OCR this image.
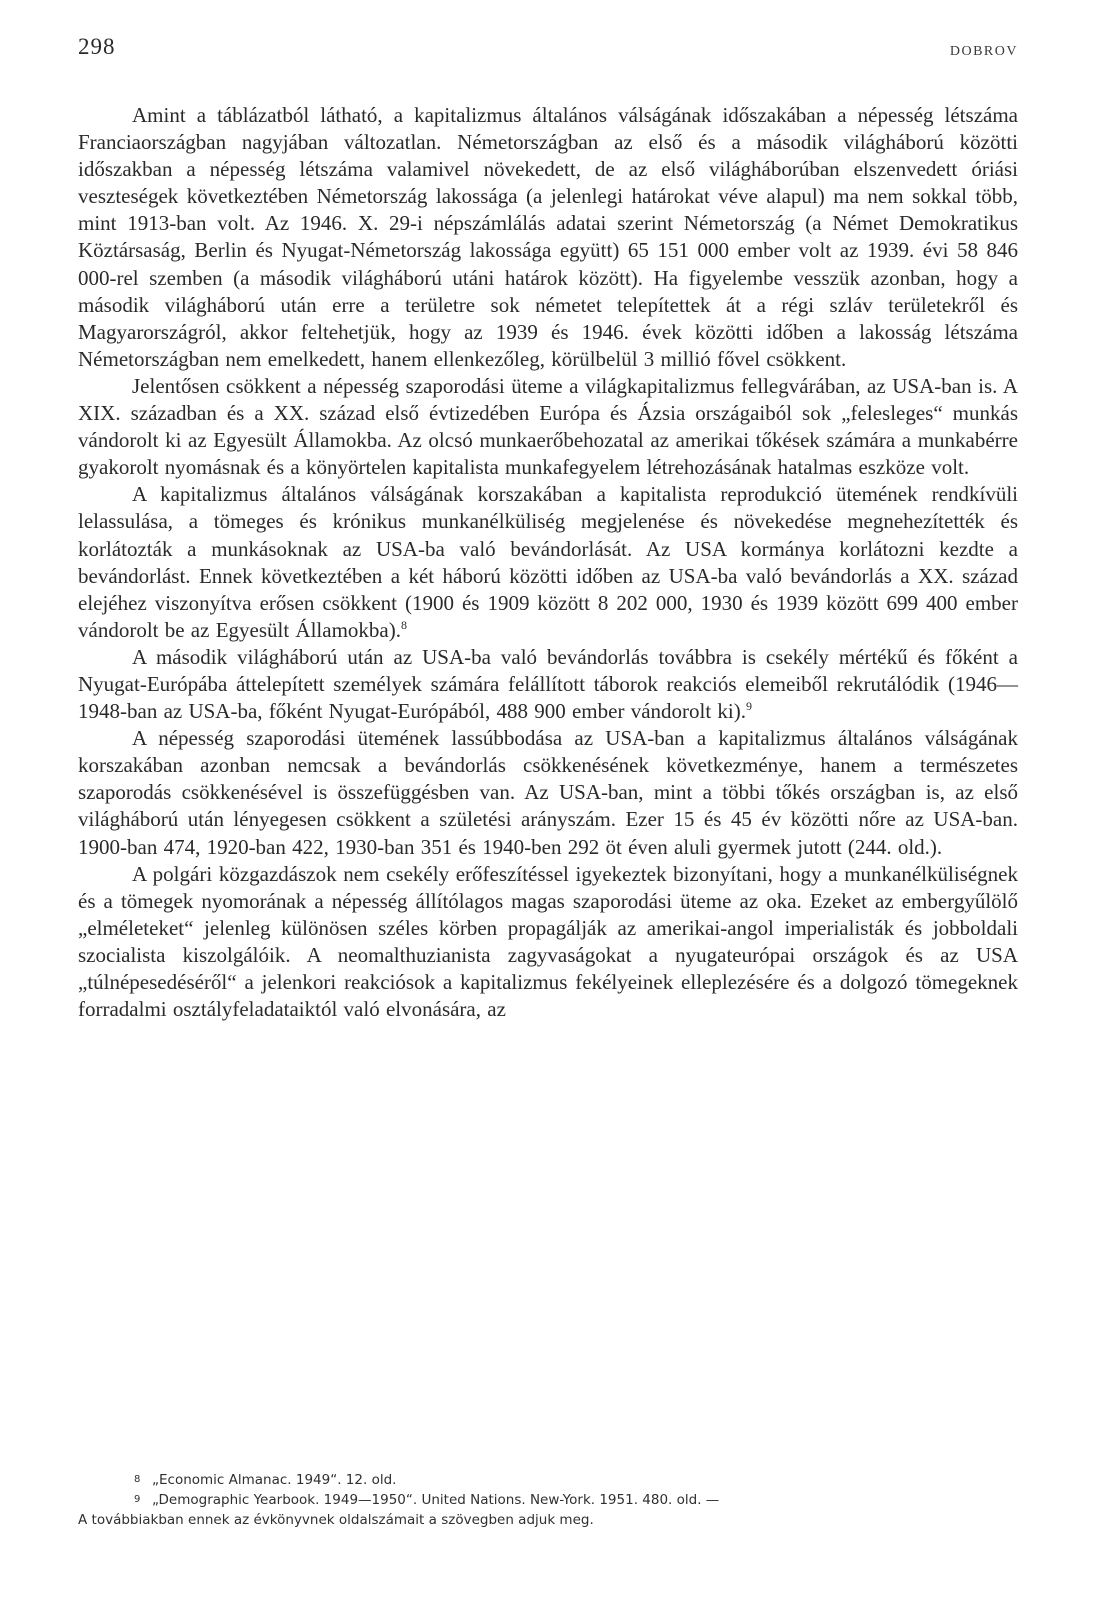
298	DOBROV

Amint a táblázatból látható, a kapitalizmus általános válságának időszakában a népesség létszáma Franciaországban nagyjában változatlan. Németországban az első és a második világháború közötti időszakban a népesség létszáma valamivel növekedett, de az első világháborúban elszenvedett óriási veszteségek következtében Németország lakossága (a jelenlegi határokat véve alapul) ma nem sokkal több, mint 1913-ban volt. Az 1946. X. 29-i népszámlálás adatai szerint Németország (a Német Demokratikus Köztársaság, Berlin és Nyugat-Németország lakossága együtt) 65 151 000 ember volt az 1939. évi 58 846 000-rel szemben (a második világháború utáni határok között). Ha figyelembe vesszük azonban, hogy a második világháború után erre a területre sok németet telepítettek át a régi szláv területekről és Magyarországról, akkor feltehetjük, hogy az 1939 és 1946. évek közötti időben a lakosság létszáma Németországban nem emelkedett, hanem ellenkezőleg, körülbelül 3 millió fővel csökkent.

Jelentősen csökkent a népesség szaporodási üteme a világkapitalizmus fellegvárában, az USA-ban is. A XIX. században és a XX. század első évtizedében Európa és Ázsia országaiból sok „felesleges“ munkás vándorolt ki az Egyesült Államokba. Az olcsó munkaerőbehozatal az amerikai tőkések számára a munkabérre gyakorolt nyomásnak és a könyörtelen kapitalista munkafegyelem létrehozásának hatalmas eszköze volt.

A kapitalizmus általános válságának korszakában a kapitalista reprodukció ütemének rendkívüli lelassulása, a tömeges és krónikus munkanélküliség megjelenése és növekedése megnehezítették és korlátozták a munkásoknak az USA-ba való bevándorlását. Az USA kormánya korlátozni kezdte a bevándorlást. Ennek következtében a két háború közötti időben az USA-ba való bevándorlás a XX. század elejéhez viszonyítva erősen csökkent (1900 és 1909 között 8 202 000, 1930 és 1939 között 699 400 ember vándorolt be az Egyesült Államokba).$^8$

A második világháború után az USA-ba való bevándorlás továbbra is csekély mértékű és főként a Nyugat-Európába áttelepített személyek számára felállított táborok reakciós elemeiből rekrutálódik (1946—1948-ban az USA-ba, főként Nyugat-Európából, 488 900 ember vándorolt ki).$^9$

A népesség szaporodási ütemének lassúbbodása az USA-ban a kapitalizmus általános válságának korszakában azonban nemcsak a bevándorlás csökkenésének következménye, hanem a természetes szaporodás csökkenésével is összefüggésben van. Az USA-ban, mint a többi tőkés országban is, az első világháború után lényegesen csökkent a születési arányszám. Ezer 15 és 45 év közötti nőre az USA-ban. 1900-ban 474, 1920-ban 422, 1930-ban 351 és 1940-ben 292 öt éven aluli gyermek jutott (244. old.).

A polgári közgazdászok nem csekély erőfeszítéssel igyekeztek bizonyítani, hogy a munkanélküliségnek és a tömegek nyomorának a népesség állítólagos magas szaporodási üteme az oka. Ezeket az embergyűlölő „elméleteket“ jelenleg különösen széles körben propagálják az amerikai-angol imperialisták és jobboldali szocialista kiszolgálóik. A neomalthuzianista zagyvaságokat a nyugateurópai országok és az USA „túlnépesedéséről“ a jelenkori reakciósok a kapitalizmus fekélyeinek elleplezésére és a dolgozó tömegeknek forradalmi osztályfeladataiktól való elvonására, az

8 „Economic Almanac. 1949“. 12. old.

9 „Demographic Yearbook. 1949—1950“. United Nations. New-York. 1951. 480. old. —

A továbbiakban ennek az évkönyvnek oldalszámait a szövegben adjuk meg.
